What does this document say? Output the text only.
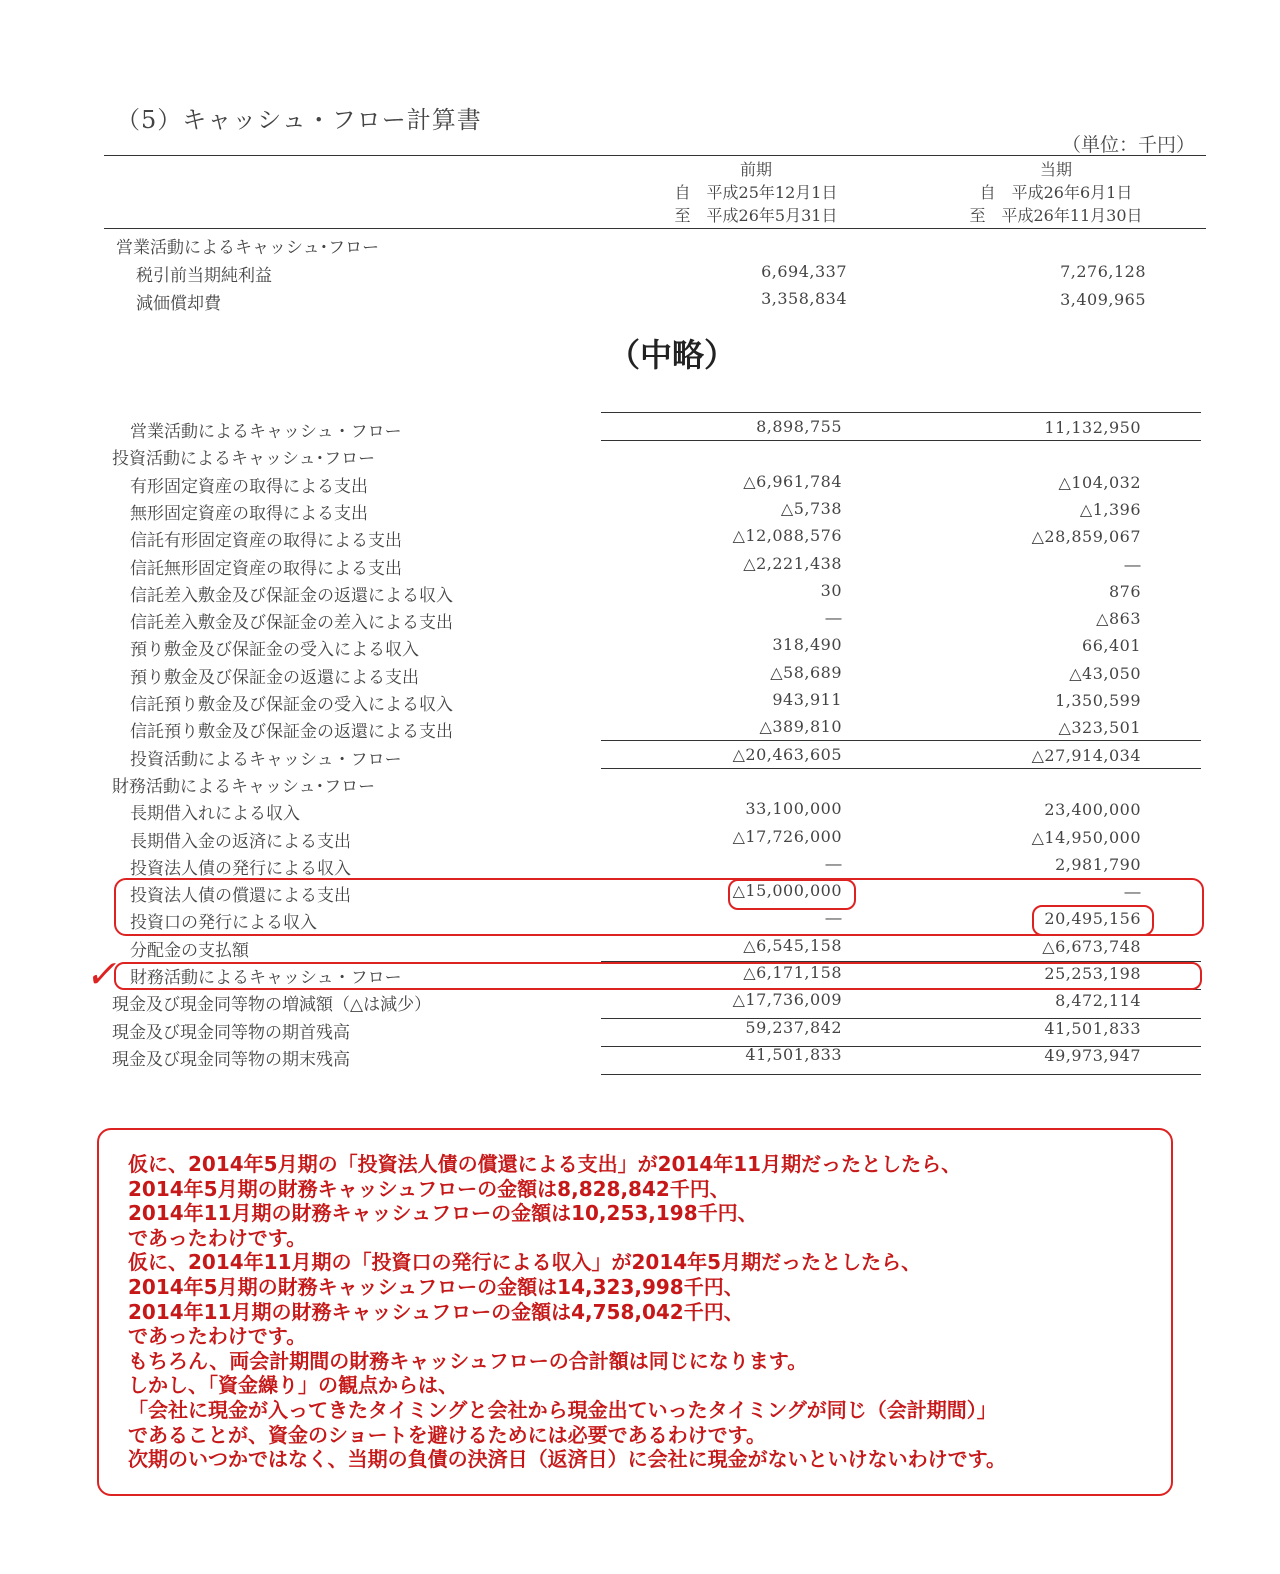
（5）キャッシュ・フロー計算書
（単位：千円）
前期
自　平成25年12月1日
至　平成26年5月31日
当期
自　平成26年6月1日
至　平成26年11月30日
営業活動によるキャッシュ･フロー
税引前当期純利益	6,694,337	7,276,128
減価償却費	3,358,834	3,409,965
（中略）
営業活動によるキャッシュ・フロー	8,898,755	11,132,950
投資活動によるキャッシュ･フロー
有形固定資産の取得による支出	△6,961,784	△104,032
無形固定資産の取得による支出	△5,738	△1,396
信託有形固定資産の取得による支出	△12,088,576	△28,859,067
信託無形固定資産の取得による支出	△2,221,438	―
信託差入敷金及び保証金の返還による収入	30	876
信託差入敷金及び保証金の差入による支出	―	△863
預り敷金及び保証金の受入による収入	318,490	66,401
預り敷金及び保証金の返還による支出	△58,689	△43,050
信託預り敷金及び保証金の受入による収入	943,911	1,350,599
信託預り敷金及び保証金の返還による支出	△389,810	△323,501
投資活動によるキャッシュ・フロー	△20,463,605	△27,914,034
財務活動によるキャッシュ･フロー
長期借入れによる収入	33,100,000	23,400,000
長期借入金の返済による支出	△17,726,000	△14,950,000
投資法人債の発行による収入	―	2,981,790
投資法人債の償還による支出	△15,000,000	―
投資口の発行による収入	―	20,495,156
分配金の支払額	△6,545,158	△6,673,748
財務活動によるキャッシュ・フロー	△6,171,158	25,253,198
現金及び現金同等物の増減額（△は減少）	△17,736,009	8,472,114
現金及び現金同等物の期首残高	59,237,842	41,501,833
現金及び現金同等物の期末残高	41,501,833	49,973,947
✓
仮に、2014年5月期の「投資法人債の償還による支出」が2014年11月期だったとしたら、
2014年5月期の財務キャッシュフローの金額は8,828,842千円、
2014年11月期の財務キャッシュフローの金額は10,253,198千円、
であったわけです。
仮に、2014年11月期の「投資口の発行による収入」が2014年5月期だったとしたら、
2014年5月期の財務キャッシュフローの金額は14,323,998千円、
2014年11月期の財務キャッシュフローの金額は4,758,042千円、
であったわけです。
もちろん、両会計期間の財務キャッシュフローの合計額は同じになります。
しかし、「資金繰り」の観点からは、
「会社に現金が入ってきたタイミングと会社から現金出ていったタイミングが同じ（会計期間）」
であることが、資金のショートを避けるためには必要であるわけです。
次期のいつかではなく、当期の負債の決済日（返済日）に会社に現金がないといけないわけです。
